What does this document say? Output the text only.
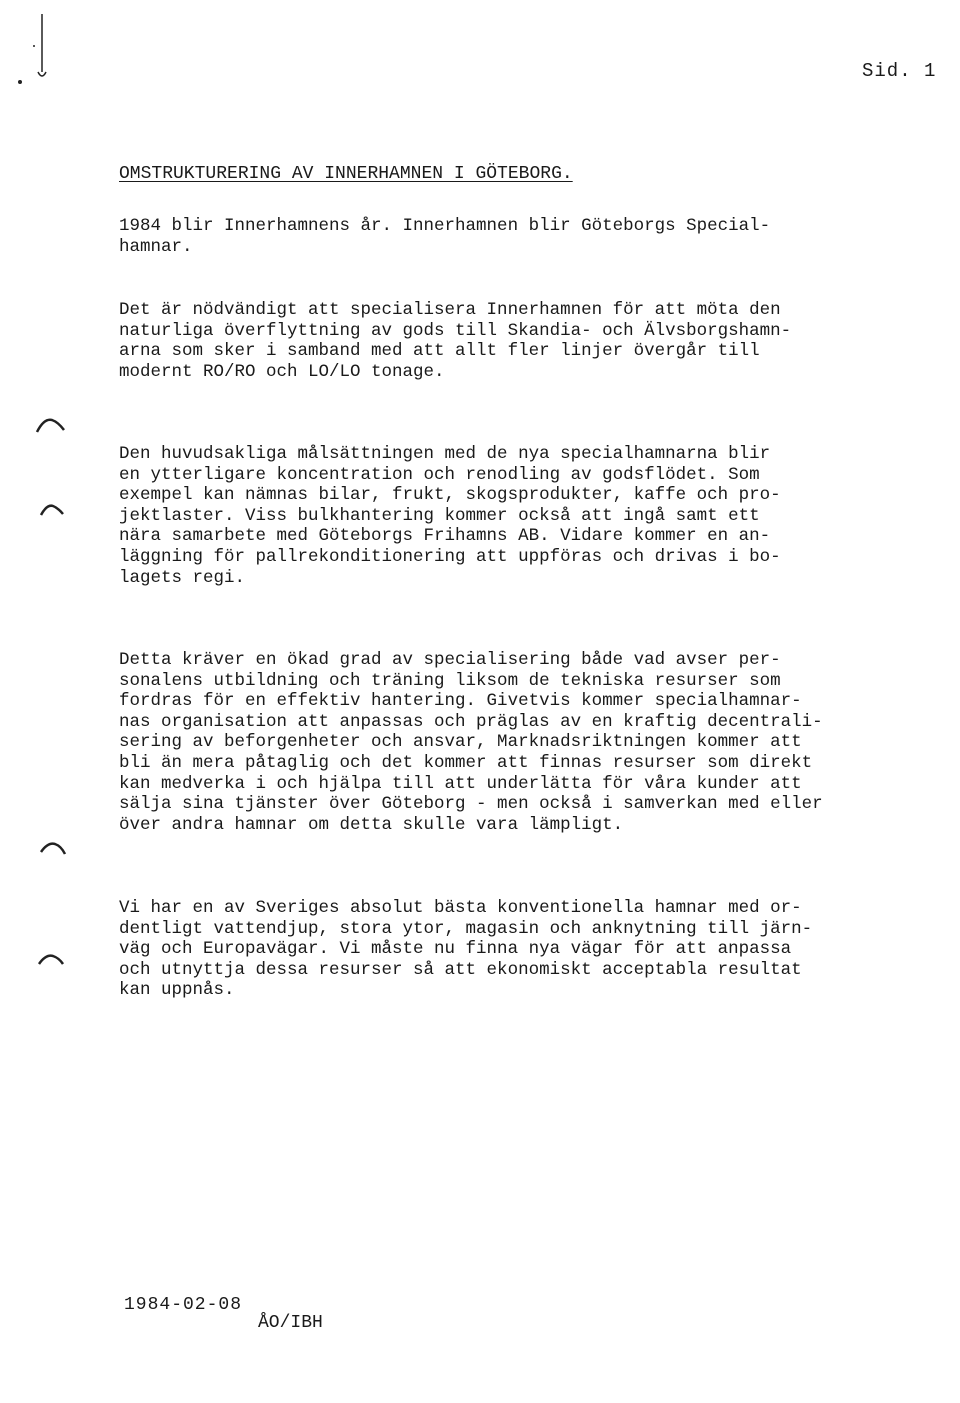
Sid. 1
OMSTRUKTURERING AV INNERHAMNEN I GÖTEBORG.
1984 blir Innerhamnens år. Innerhamnen blir Göteborgs Special-
hamnar.
Det är nödvändigt att specialisera Innerhamnen för att möta den
naturliga överflyttning av gods till Skandia- och Älvsborgshamn-
arna som sker i samband med att allt fler linjer övergår till
modernt RO/RO och LO/LO tonage.
Den huvudsakliga målsättningen med de nya specialhamnarna blir
en ytterligare koncentration och renodling av godsflödet. Som
exempel kan nämnas bilar, frukt, skogsprodukter, kaffe och pro-
jektlaster. Viss bulkhantering kommer också att ingå samt ett
nära samarbete med Göteborgs Frihamns AB. Vidare kommer en an-
läggning för pallrekonditionering att uppföras och drivas i bo-
lagets regi.
Detta kräver en ökad grad av specialisering både vad avser per-
sonalens utbildning och träning liksom de tekniska resurser som
fordras för en effektiv hantering. Givetvis kommer specialhamnar-
nas organisation att anpassas och präglas av en kraftig decentrali-
sering av beforgenheter och ansvar, Marknadsriktningen kommer att
bli än mera påtaglig och det kommer att finnas resurser som direkt
kan medverka i och hjälpa till att underlätta för våra kunder att
sälja sina tjänster över Göteborg - men också i samverkan med eller
över andra hamnar om detta skulle vara lämpligt.
Vi har en av Sveriges absolut bästa konventionella hamnar med or-
dentligt vattendjup, stora ytor, magasin och anknytning till järn-
väg och Europavägar. Vi måste nu finna nya vägar för att anpassa
och utnyttja dessa resurser så att ekonomiskt acceptabla resultat
kan uppnås.
1984-02-08
ÅO/IBH
